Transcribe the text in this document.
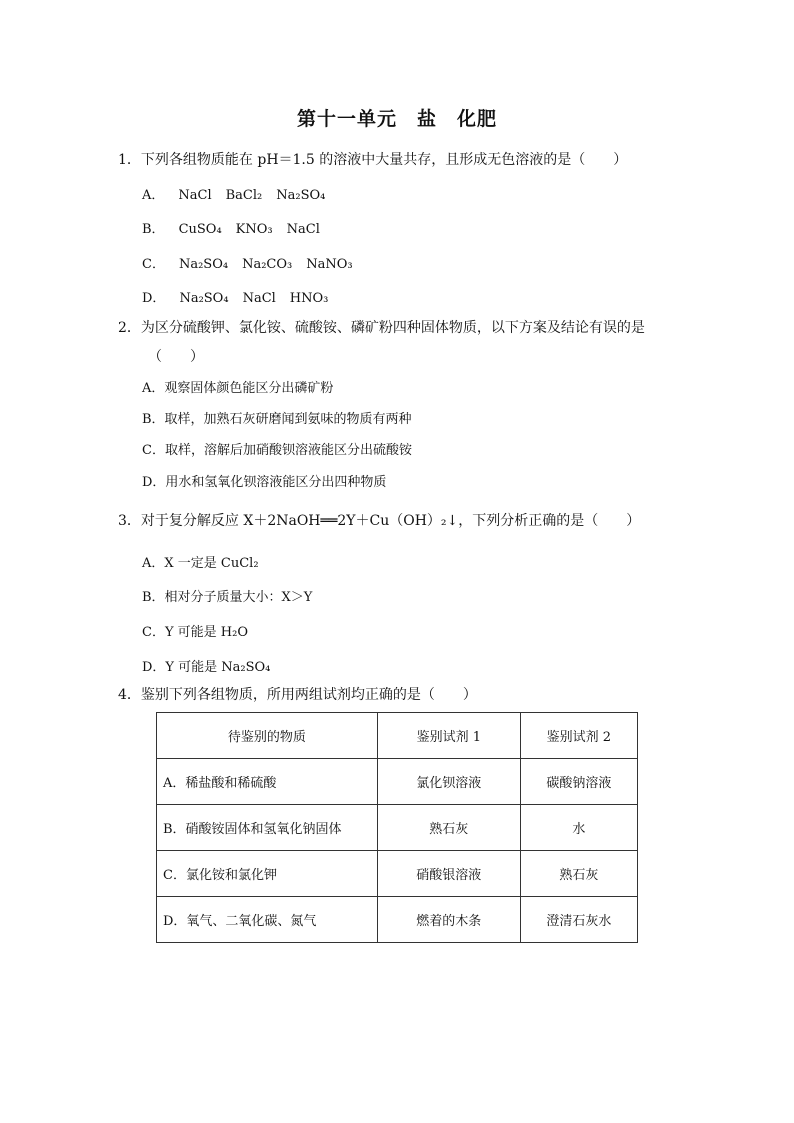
第十一单元　盐　化肥
1．下列各组物质能在 pH＝1.5 的溶液中大量共存，且形成无色溶液的是（　　）
A． NaCl BaCl₂ Na₂SO₄
B． CuSO₄ KNO₃ NaCl
C． Na₂SO₄ Na₂CO₃ NaNO₃
D． Na₂SO₄ NaCl HNO₃
2．为区分硫酸钾、氯化铵、硫酸铵、磷矿粉四种固体物质，以下方案及结论有误的是
（　　）
A．观察固体颜色能区分出磷矿粉
B．取样，加熟石灰研磨闻到氨味的物质有两种
C．取样，溶解后加硝酸钡溶液能区分出硫酸铵
D．用水和氢氧化钡溶液能区分出四种物质
3．对于复分解反应 X＋2NaOH══2Y＋Cu（OH）₂↓，下列分析正确的是（　　）
A．X 一定是 CuCl₂
B．相对分子质量大小：X＞Y
C．Y 可能是 H₂O
D．Y 可能是 Na₂SO₄
4．鉴别下列各组物质，所用两组试剂均正确的是（　　）
待鉴别的物质	鉴别试剂 1	鉴别试剂 2
A．稀盐酸和稀硫酸	氯化钡溶液	碳酸钠溶液
B．硝酸铵固体和氢氧化钠固体	熟石灰	水
C．氯化铵和氯化钾	硝酸银溶液	熟石灰
D．氧气、二氧化碳、氮气	燃着的木条	澄清石灰水
